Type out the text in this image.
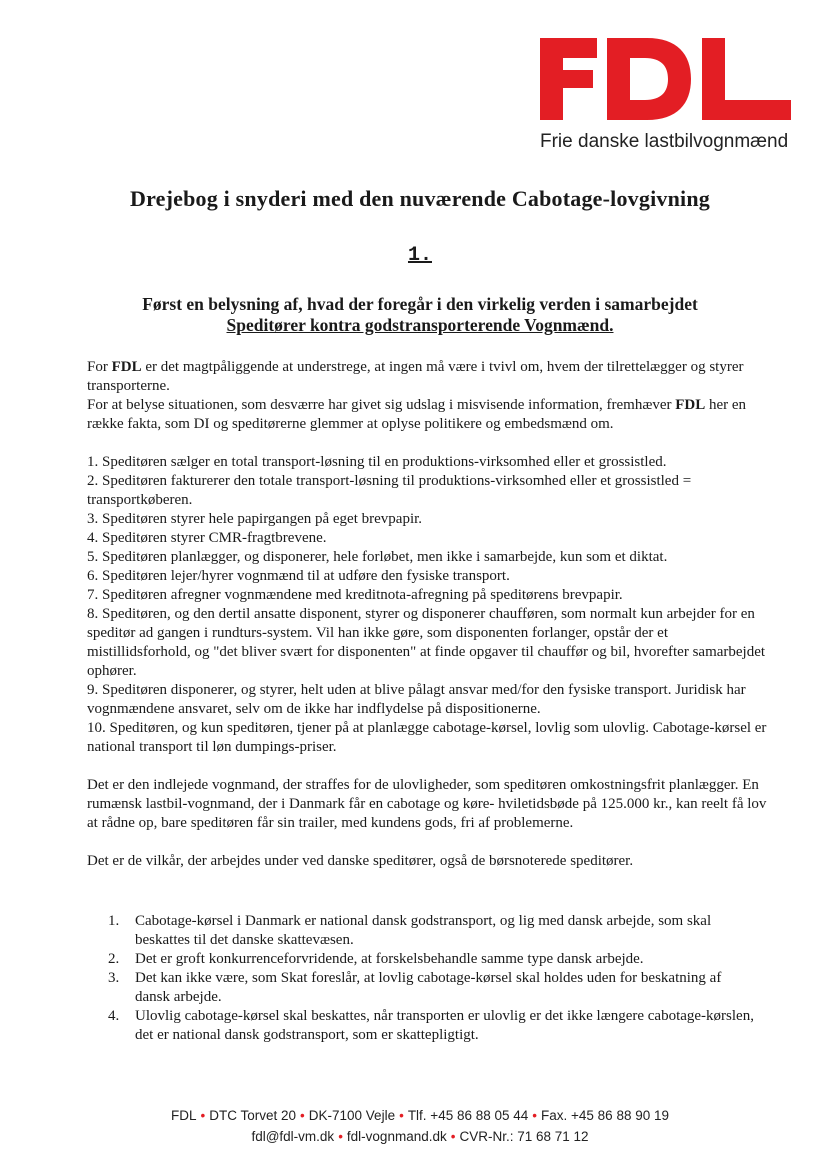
Frie danske lastbilvognmænd
Drejebog i snyderi med den nuværende Cabotage-lovgivning
1.
Først en belysning af, hvad der foregår i den virkelig verden i samarbejdet
Speditører kontra godstransporterende Vognmænd.

For FDL er det magtpåliggende at understrege, at ingen må være i tvivl om, hvem der tilrettelægger og styrer transporterne.

For at belyse situationen, som desværre har givet sig udslag i misvisende information, fremhæver FDL her en række fakta, som DI og speditørerne glemmer at oplyse politikere og embedsmænd om.

1. Speditøren sælger en total transport-løsning til en produktions-virksomhed eller et grossistled.

2. Speditøren fakturerer den totale transport-løsning til produktions-virksomhed eller et grossistled = transportkøberen.

3. Speditøren styrer hele papirgangen på eget brevpapir.

4. Speditøren styrer CMR-fragtbrevene.

5. Speditøren planlægger, og disponerer, hele forløbet, men ikke i samarbejde, kun som et diktat.

6. Speditøren lejer/hyrer vognmænd til at udføre den fysiske transport.

7. Speditøren afregner vognmændene med kreditnota-afregning på speditørens brevpapir.

8. Speditøren, og den dertil ansatte disponent, styrer og disponerer chaufføren, som normalt kun arbejder for en speditør ad gangen i rundturs-system. Vil han ikke gøre, som disponenten forlanger, opstår der et mistillidsforhold, og "det bliver svært for disponenten" at finde opgaver til chauffør og bil, hvorefter samarbejdet ophører.

9. Speditøren disponerer, og styrer, helt uden at blive pålagt ansvar med/for den fysiske transport. Juridisk har vognmændene ansvaret, selv om de ikke har indflydelse på dispositionerne.

10. Speditøren, og kun speditøren, tjener på at planlægge cabotage-kørsel, lovlig som ulovlig. Cabotage-kørsel er national transport til løn dumpings-priser.

Det er den indlejede vognmand, der straffes for de ulovligheder, som speditøren omkostningsfrit planlægger. En rumænsk lastbil-vognmand, der i Danmark får en cabotage og køre- hviletidsbøde på 125.000 kr., kan reelt få lov at rådne op, bare speditøren får sin trailer, med kundens gods, fri af problemerne.

Det er de vilkår, der arbejdes under ved danske speditører, også de børsnoterede speditører.

1.	Cabotage-kørsel i Danmark er national dansk godstransport, og lig med dansk arbejde, som skal beskattes til det danske skattevæsen.
2.	Det er groft konkurrenceforvridende, at forskelsbehandle samme type dansk arbejde.
3.	Det kan ikke være, som Skat foreslår, at lovlig cabotage-kørsel skal holdes uden for beskatning af dansk arbejde.
4.	Ulovlig cabotage-kørsel skal beskattes, når transporten er ulovlig er det ikke længere cabotage-kørslen, det er national dansk godstransport, som er skattepligtigt.
FDL • DTC Torvet 20 • DK-7100 Vejle • Tlf. +45 86 88 05 44 • Fax. +45 86 88 90 19
fdl@fdl-vm.dk • fdl-vognmand.dk • CVR-Nr.: 71 68 71 12
